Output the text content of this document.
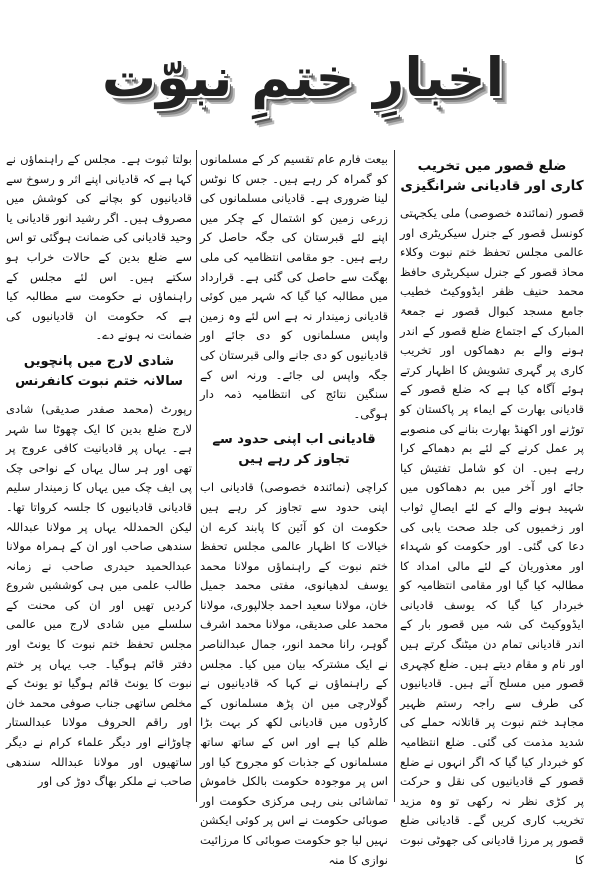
اخبارِ ختمِ نبوّت
ضلع قصور میں تخریب کاری اور قادیانی شرانگیزی

قصور (نمائندہ خصوصی) ملی یکجہتی کونسل قصور کے جنرل سیکریٹری اور عالمی مجلس تحفظ ختم نبوت وکلاء محاذ قصور کے جنرل سیکریٹری حافظ محمد حنیف ظفر ایڈووکیٹ خطیب جامع مسجد کبوال قصور نے جمعۃ المبارک کے اجتماع ضلع قصور کے اندر ہونے والے بم دھماکوں اور تخریب کاری پر گہری تشویش کا اظہار کرتے ہوئے آگاہ کیا ہے کہ ضلع قصور کے قادیانی بھارت کے ایماء پر پاکستان کو توڑنے اور اکھنڈ بھارت بنانے کی منصوبے پر عمل کرنے کے لئے بم دھماکے کرا رہے ہیں۔ ان کو شامل تفتیش کیا جائے اور آخر میں بم دھماکوں میں شہید ہونے والے کے لئے ایصالِ ثواب اور زخمیوں کی جلد صحت یابی کی دعا کی گئی۔ اور حکومت کو شہداء اور معذوریان کے لئے مالی امداد کا مطالبہ کیا گیا اور مقامی انتظامیہ کو خبردار کیا گیا کہ یوسف قادیانی ایڈووکیٹ کی شہ میں قصور بار کے اندر قادیانی تمام دن میٹنگ کرتے ہیں اور نام و مقام دیتے ہیں۔ ضلع کچہری قصور میں مسلح آتے ہیں۔ قادیانیوں کی طرف سے راجہ رستم ظہیر مجاہد ختم نبوت پر قاتلانہ حملے کی شدید مذمت کی گئی۔ ضلع انتظامیہ کو خبردار کیا گیا کہ اگر انہوں نے ضلع قصور کے قادیانیوں کی نقل و حرکت پر کڑی نظر نہ رکھی تو وہ مزید تخریب کاری کریں گے۔ قادیانی ضلع قصور پر مرزا قادیانی کی جھوٹی نبوت کا

بیعت فارم عام تقسیم کر کے مسلمانوں کو گمراہ کر رہے ہیں۔ جس کا نوٹس لینا ضروری ہے۔ قادیانی مسلمانوں کی زرعی زمین کو اشتمال کے چکر میں اپنے لئے قبرستان کی جگہ حاصل کر رہے ہیں۔ جو مقامی انتظامیہ کی ملی بھگت سے حاصل کی گئی ہے۔ قرارداد میں مطالبہ کیا گیا کہ شہر میں کوئی قادیانی زمیندار نہ ہے اس لئے وہ زمین واپس مسلمانوں کو دی جائے اور قادیانیوں کو دی جانے والی قبرستان کی جگہ واپس لی جائے۔ ورنہ اس کے سنگین نتائج کی انتظامیہ ذمہ دار ہوگی۔

قادیانی اب اپنی حدود سے تجاوز کر رہے ہیں

کراچی (نمائندہ خصوصی) قادیانی اب اپنی حدود سے تجاوز کر رہے ہیں حکومت ان کو آئین کا پابند کرے ان خیالات کا اظہار عالمی مجلس تحفظ ختم نبوت کے راہنماؤں مولانا محمد یوسف لدھیانوی، مفتی محمد جمیل خان، مولانا سعید احمد جلالپوری، مولانا محمد علی صدیقی، مولانا محمد اشرف گوہر، رانا محمد انور، جمال عبدالناصر نے ایک مشترکہ بیان میں کیا۔ مجلس کے راہنماؤں نے کہا کہ قادیانیوں نے گولارچی میں ان پڑھ مسلمانوں کے کارڈوں میں قادیانی لکھ کر بہت بڑا ظلم کیا ہے اور اس کے ساتھ ساتھ مسلمانوں کے جذبات کو مجروح کیا اور اس پر موجودہ حکومت بالکل خاموش تماشائی بنی رہی مرکزی حکومت اور صوبائی حکومت نے اس پر کوئی ایکشن نہیں لیا جو حکومت صوبائی کا مرزائیت نوازی کا منہ

بولتا ثبوت ہے۔ مجلس کے راہنماؤں نے کہا ہے کہ قادیانی اپنے اثر و رسوخ سے قادیانیوں کو بچانے کی کوشش میں مصروف ہیں۔ اگر رشید انور قادیانی یا وحید قادیانی کی ضمانت ہوگئی تو اس سے ضلع بدین کے حالات خراب ہو سکتے ہیں۔ اس لئے مجلس کے راہنماؤں نے حکومت سے مطالبہ کیا ہے کہ حکومت ان قادیانیوں کی ضمانت نہ ہونے دے۔

شادی لارج میں پانچویں سالانہ ختم نبوت کانفرنس

رپورٹ (محمد صفدر صدیقی) شادی لارج ضلع بدین کا ایک چھوٹا سا شہر ہے۔ یہاں پر قادیانیت کافی عروج پر تھی اور ہر سال یہاں کے نواحی چک پی ایف چک میں یہاں کا زمیندار سلیم قادیانی قادیانیوں کا جلسہ کرواتا تھا۔ لیکن الحمدللہ یہاں پر مولانا عبداللہ سندھی صاحب اور ان کے ہمراہ مولانا عبدالحمید حیدری صاحب نے زمانہ طالب علمی میں ہی کوششیں شروع کردیں تھیں اور ان کی محنت کے سلسلے میں شادی لارج میں عالمی مجلس تحفظ ختم نبوت کا یونٹ اور دفتر قائم ہوگیا۔ جب یہاں پر ختم نبوت کا یونٹ قائم ہوگیا تو یونٹ کے مخلص ساتھی جناب صوفی محمد خان اور راقم الحروف مولانا عبدالستار چاوڑانے اور دیگر علماء کرام نے دیگر ساتھیوں اور مولانا عبداللہ سندھی صاحب نے ملکر بھاگ دوڑ کی اور
